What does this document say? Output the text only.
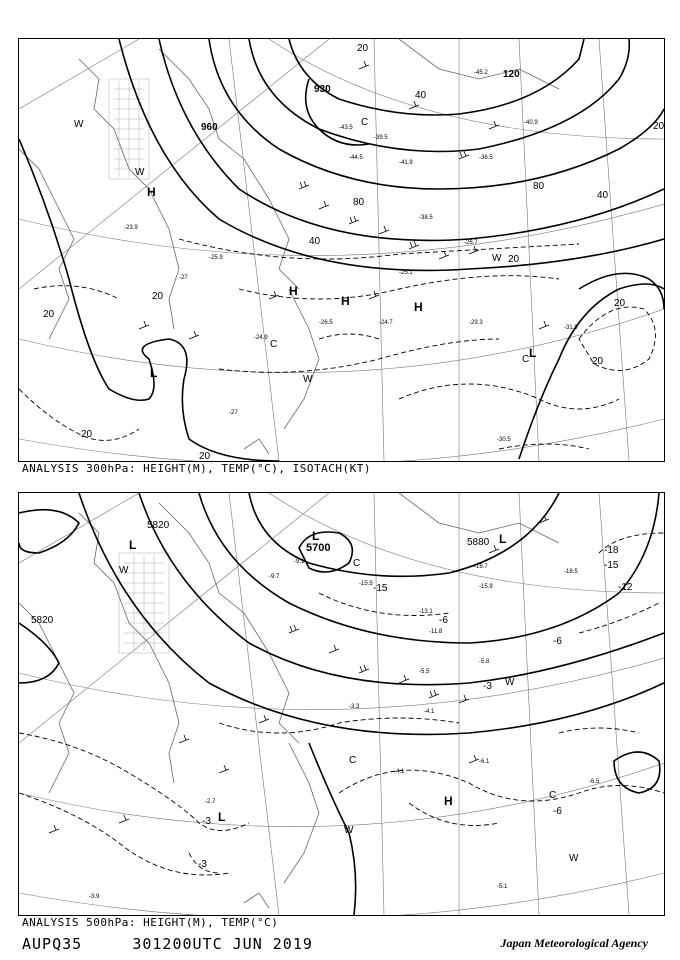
960
930
120
80
80
40
40
40
20
20
20
20
20
20
20
20
20
H
H
H	H
L
L
W
W
W
W
C
C
C
-23.9
-25.9
-27
-24.9
-24.7
-26.5
-27
-29.3
-31.9
-30.5
-25.1
-26.7
-39.5
-41.9
-43.5
-44.5
-45.2
-40.9
-36.5
-38.5
ANALYSIS 300hPa: HEIGHT(M), TEMP(°C), ISOTACH(KT)
5820
5820
5700	5880
-3
-3
-3
-6
-6
-12
-15
-18
-15
-6
L
L
H
L	L
W
W
W
W
C
C
C
-6.1
-4.1
-2.7
-6.5
-5.1
-3.9
-9.1
-15.5
-13.1
-11.8
-16.7
-18.5
-15.9
-9.7
-5.8
-5.5
-4.1
-3.3
ANALYSIS 500hPa: HEIGHT(M), TEMP(°C)
AUPQ35	301200UTC JUN 2019	Japan Meteorological Agency
